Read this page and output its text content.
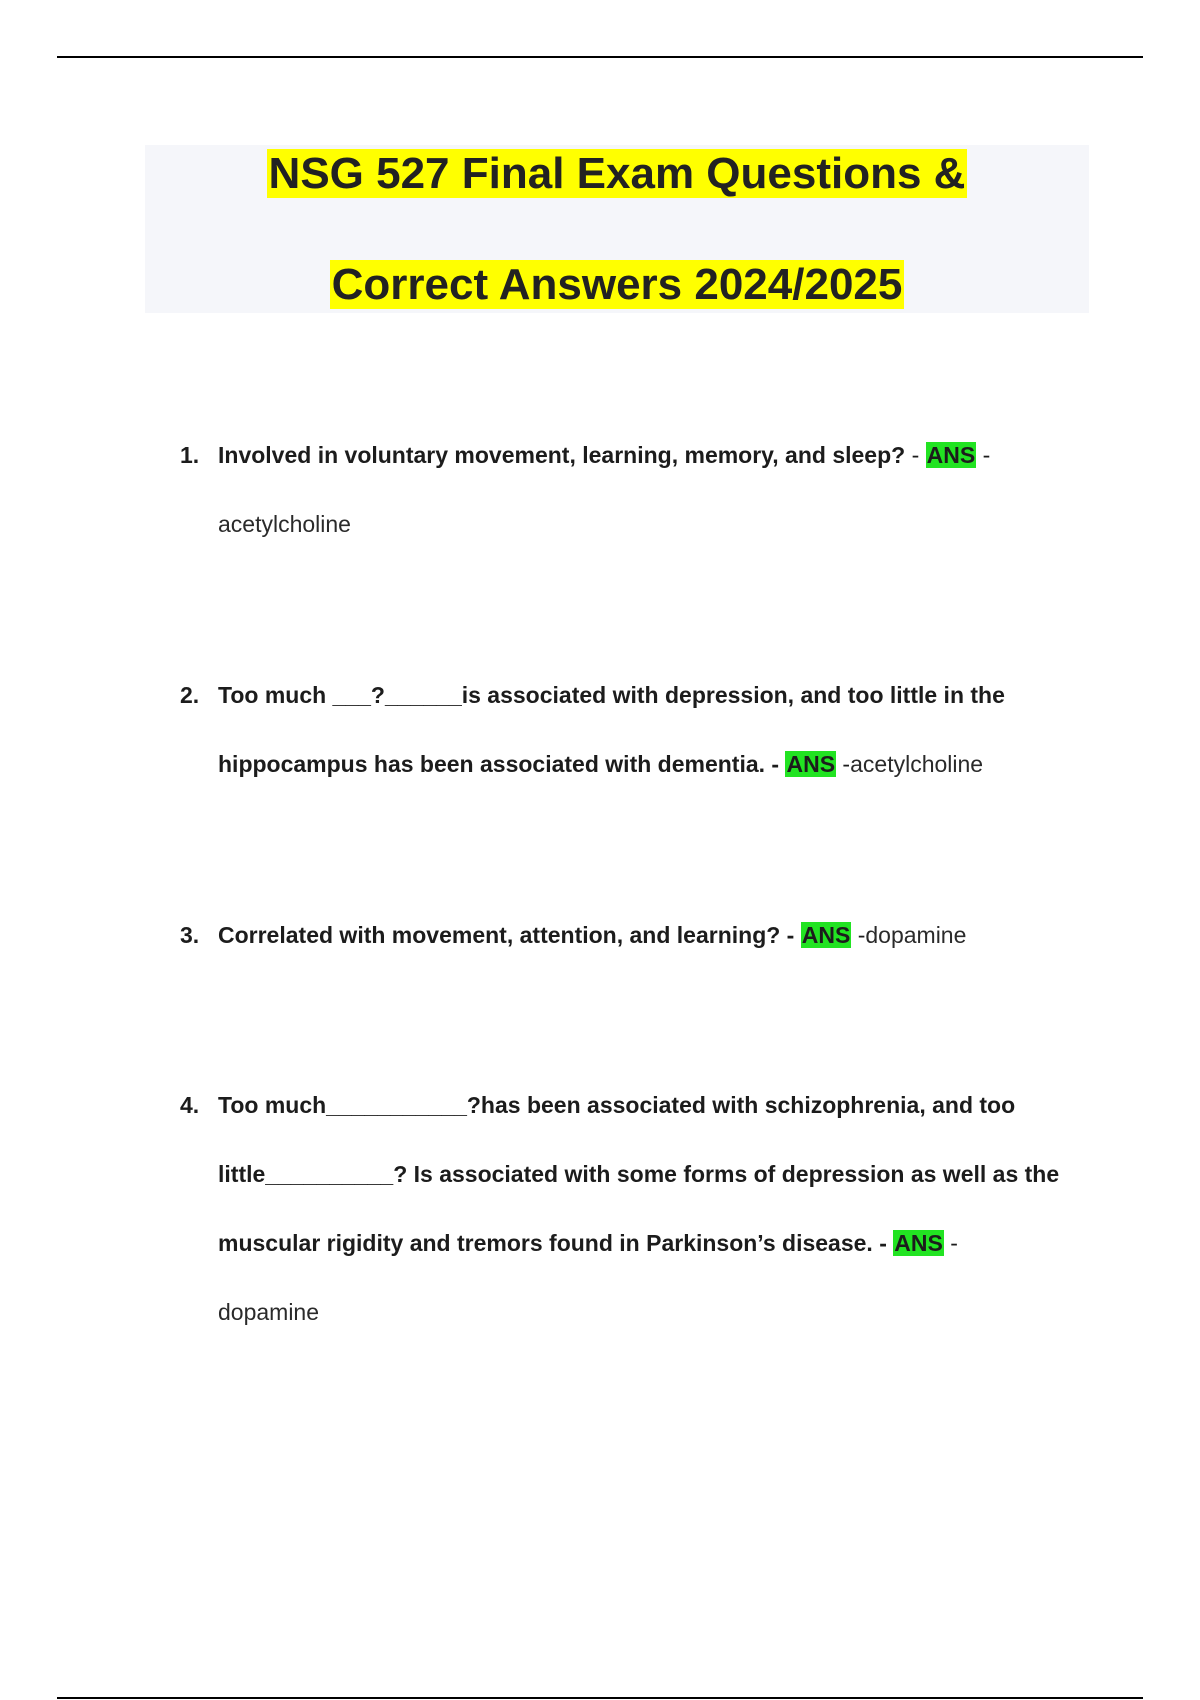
NSG 527 Final Exam Questions &
Correct Answers 2024/2025
1. Involved in voluntary movement, learning, memory, and sleep? - ANS -
acetylcholine
2. Too much ___?______is associated with depression, and too little in the hippocampus has been associated with dementia. - ANS -acetylcholine
3. Correlated with movement, attention, and learning? - ANS -dopamine
4. Too much___________?has been associated with schizophrenia, and too little__________? Is associated with some forms of depression as well as the muscular rigidity and tremors found in Parkinson’s disease. - ANS -
dopamine
